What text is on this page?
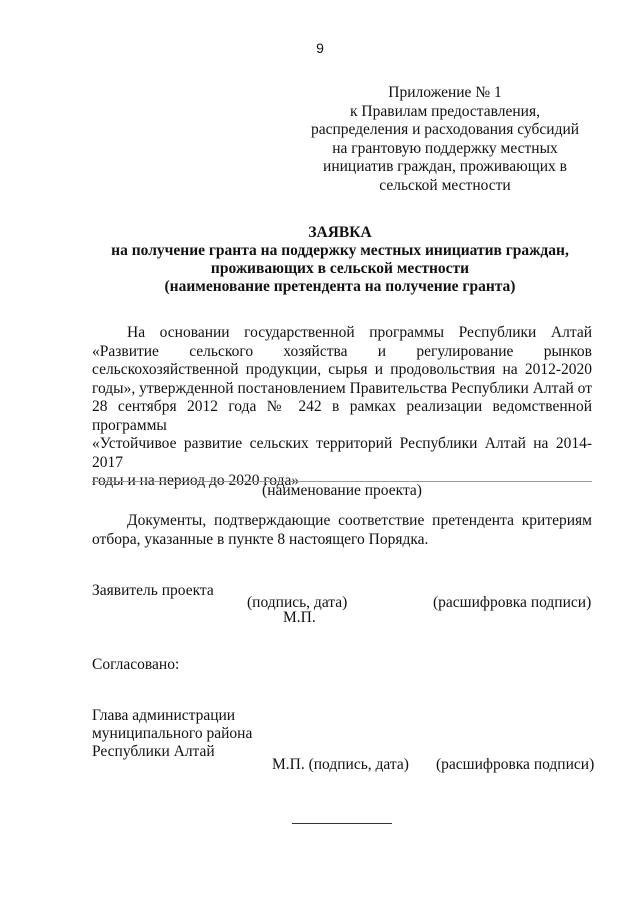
9
Приложение № 1
к Правилам предоставления,
распределения и расходования субсидий
на грантовую поддержку местных
инициатив граждан, проживающих в
сельской местности
ЗАЯВКА
на получение гранта на поддержку местных инициатив граждан,
проживающих в сельской местности
(наименование претендента на получение гранта)
На основании государственной программы Республики Алтай
«Развитие сельского хозяйства и регулирование рынков
сельскохозяйственной продукции, сырья и продовольствия на 2012-2020
годы», утвержденной постановлением Правительства Республики Алтай от
28 сентября 2012 года № 242 в рамках реализации ведомственной программы
«Устойчивое развитие сельских территорий Республики Алтай на 2014-2017
годы и на период до 2020 года»
(наименование проекта)
Документы, подтверждающие соответствие претендента критериям
отбора, указанные в пункте 8 настоящего Порядка.
Заявитель проекта
(подпись, дата)	(расшифровка подписи)
М.П.
Согласовано:
Глава администрации
муниципального района
Республики Алтай
М.П. (подпись, дата) (расшифровка подписи)
